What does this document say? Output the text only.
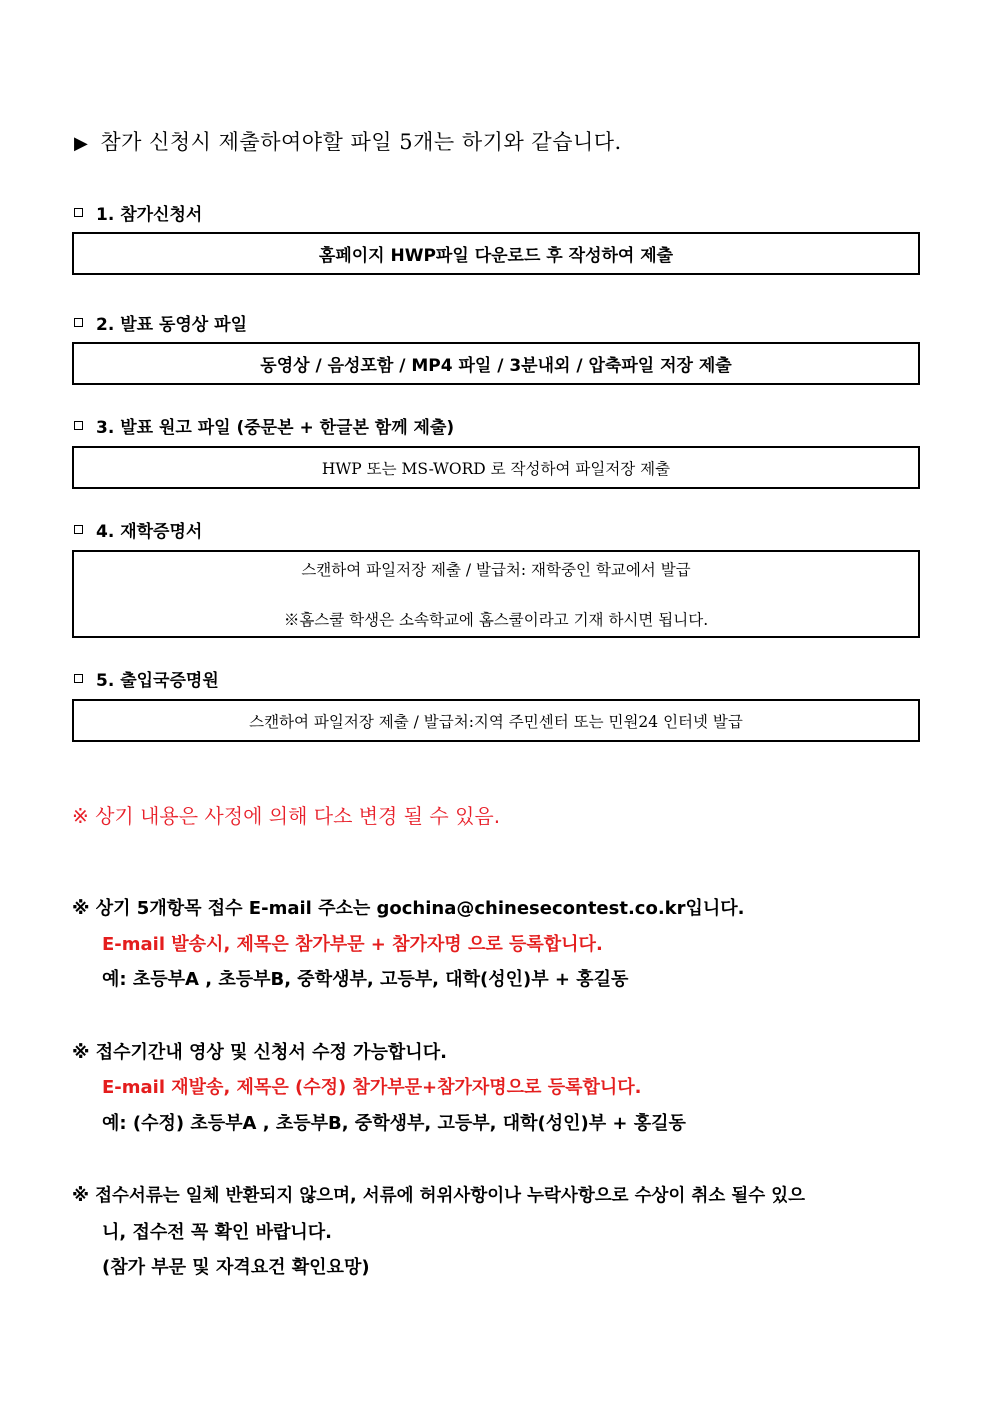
▶ 참가 신청시 제출하여야할 파일 5개는 하기와 같습니다.
1. 참가신청서
홈페이지 HWP파일 다운로드 후 작성하여 제출
2. 발표 동영상 파일
동영상 / 음성포함 / MP4 파일 / 3분내외 / 압축파일 저장 제출
3. 발표 원고 파일 (중문본 + 한글본 함께 제출)
HWP 또는 MS-WORD 로 작성하여 파일저장 제출
4. 재학증명서
스캔하여 파일저장 제출 / 발급처: 재학중인 학교에서 발급
※홈스쿨 학생은 소속학교에 홈스쿨이라고 기재 하시면 됩니다.
5. 출입국증명원
스캔하여 파일저장 제출 / 발급처:지역 주민센터 또는 민원24 인터넷 발급
※ 상기 내용은 사정에 의해 다소 변경 될 수 있음.
※ 상기 5개항목 접수 E-mail 주소는 gochina@chinesecontest.co.kr입니다.
E-mail 발송시, 제목은 참가부문 + 참가자명 으로 등록합니다.
예: 초등부A , 초등부B, 중학생부, 고등부, 대학(성인)부 + 홍길동
※ 접수기간내 영상 및 신청서 수정 가능합니다.
E-mail 재발송, 제목은 (수정) 참가부문+참가자명으로 등록합니다.
예: (수정) 초등부A , 초등부B, 중학생부, 고등부, 대학(성인)부 + 홍길동
※ 접수서류는 일체 반환되지 않으며, 서류에 허위사항이나 누락사항으로 수상이 취소 될수 있으
니, 접수전 꼭 확인 바랍니다.
(참가 부문 및 자격요건 확인요망)
